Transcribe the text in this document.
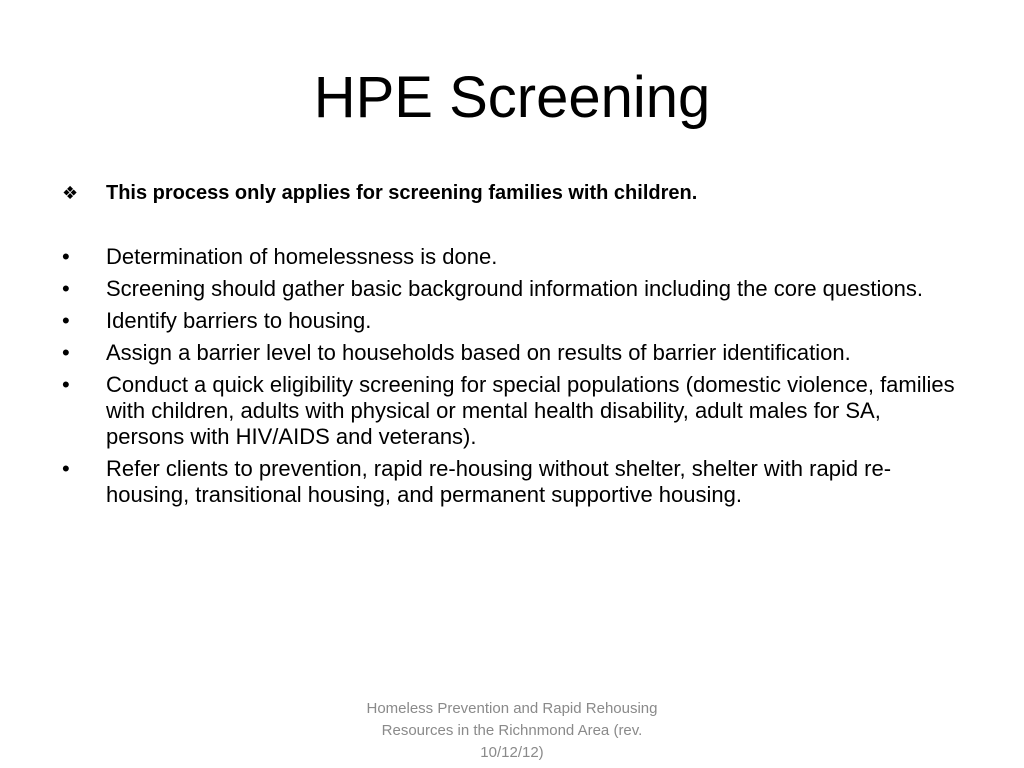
HPE Screening
❖	This process only applies for screening families with children.
•	Determination of homelessness is done.
•	Screening should gather basic background information including the core questions.
•	Identify barriers to housing.
•	Assign a barrier level to households based on results of barrier identification.
•	Conduct a quick eligibility screening for special populations (domestic violence, families with children, adults with physical or mental health disability, adult males for SA, persons with HIV/AIDS and veterans).
•	Refer clients to prevention, rapid re-housing without shelter, shelter with rapid re-housing, transitional housing, and permanent supportive housing.
Homeless Prevention and Rapid Rehousing Resources in the Richnmond Area (rev. 10/12/12)
